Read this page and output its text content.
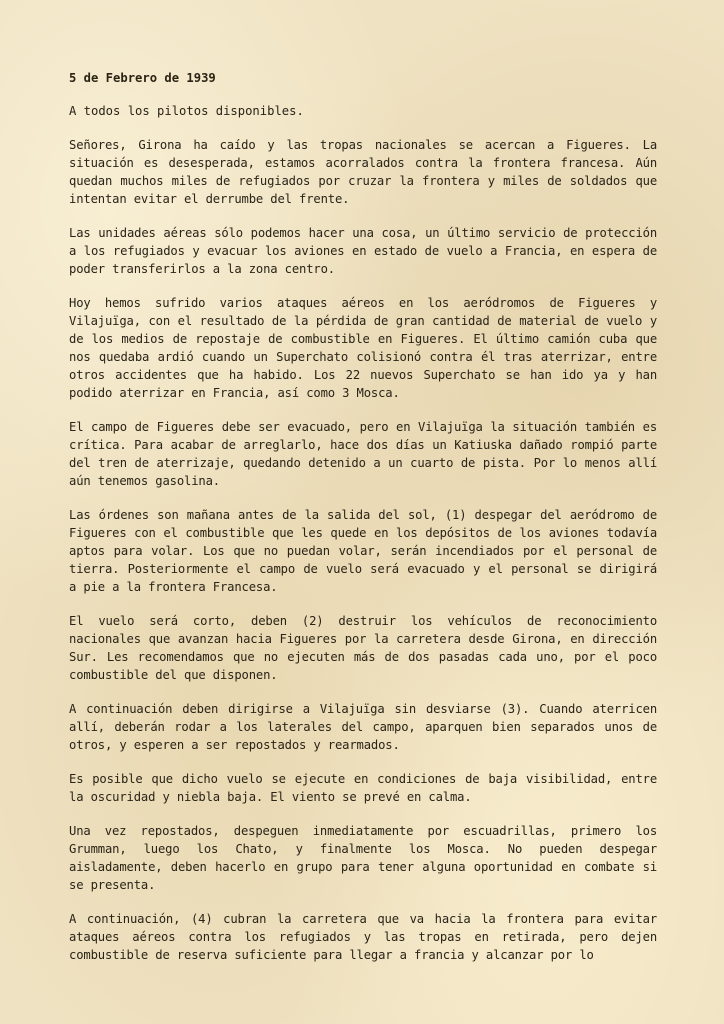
5 de Febrero de 1939
A todos los pilotos disponibles.

Señores, Girona ha caído y las tropas nacionales se acercan a Figueres. La situación es desesperada, estamos acorralados contra la frontera francesa. Aún quedan muchos miles de refugiados por cruzar la frontera y miles de soldados que intentan evitar el derrumbe del frente.

Las unidades aéreas sólo podemos hacer una cosa, un último servicio de protección a los refugiados y evacuar los aviones en estado de vuelo a Francia, en espera de poder transferirlos a la zona centro.

Hoy hemos sufrido varios ataques aéreos en los aeródromos de Figueres y Vilajuïga, con el resultado de la pérdida de gran cantidad de material de vuelo y de los medios de repostaje de combustible en Figueres. El último camión cuba que nos quedaba ardió cuando un Superchato colisionó contra él tras aterrizar, entre otros accidentes que ha habido. Los 22 nuevos Superchato se han ido ya y han podido aterrizar en Francia, así como 3 Mosca.

El campo de Figueres debe ser evacuado, pero en Vilajuïga la situación también es crítica. Para acabar de arreglarlo, hace dos días un Katiuska dañado rompió parte del tren de aterrizaje, quedando detenido a un cuarto de pista. Por lo menos allí aún tenemos gasolina.

Las órdenes son mañana antes de la salida del sol, (1) despegar del aeródromo de Figueres con el combustible que les quede en los depósitos de los aviones todavía aptos para volar. Los que no puedan volar, serán incendiados por el personal de tierra. Posteriormente el campo de vuelo será evacuado y el personal se dirigirá a pie a la frontera Francesa.

El vuelo será corto, deben (2) destruir los vehículos de reconocimiento nacionales que avanzan hacia Figueres por la carretera desde Girona, en dirección Sur. Les recomendamos que no ejecuten más de dos pasadas cada uno, por el poco combustible del que disponen.

A continuación deben dirigirse a Vilajuïga sin desviarse (3). Cuando aterricen allí, deberán rodar a los laterales del campo, aparquen bien separados unos de otros, y esperen a ser repostados y rearmados.

Es posible que dicho vuelo se ejecute en condiciones de baja visibilidad, entre la oscuridad y niebla baja. El viento se prevé en calma.

Una vez repostados, despeguen inmediatamente por escuadrillas, primero los Grumman, luego los Chato, y finalmente los Mosca. No pueden despegar aisladamente, deben hacerlo en grupo para tener alguna oportunidad en combate si se presenta.

A continuación, (4) cubran la carretera que va hacia la frontera para evitar ataques aéreos contra los refugiados y las tropas en retirada, pero dejen combustible de reserva suficiente para llegar a francia y alcanzar por lo
